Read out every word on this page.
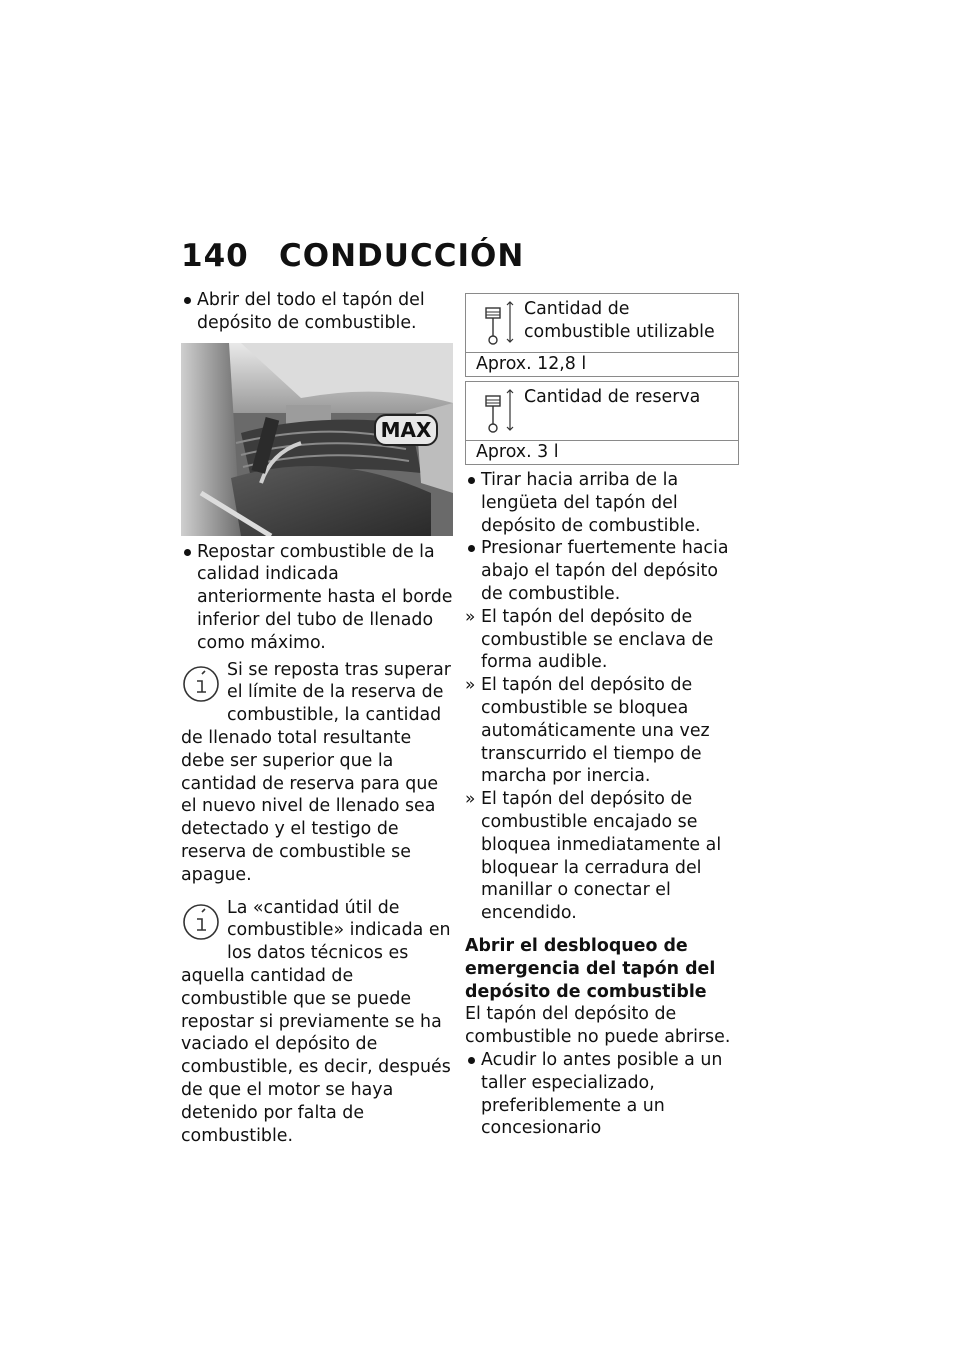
140 CONDUCCIÓN

Abrir del todo el tapón del depósito de combustible.

MAX

Repostar combustible de la calidad indicada anteriormente hasta el borde inferior del tubo de llenado como máximo.

Si se reposta tras superar el límite de la reserva de combustible, la cantidad de llenado total resultante debe ser superior que la cantidad de reserva para que el nuevo nivel de llenado sea detectado y el testigo de reserva de combustible se apague.

La «cantidad útil de combustible» indicada en los datos técnicos es aquella cantidad de combustible que se puede repostar si previamente se ha vaciado el depósito de combustible, es decir, después de que el motor se haya detenido por falta de combustible.

Cantidad de combustible utilizable
Aprox. 12,8 l
Cantidad de reserva
Aprox. 3 l

Tirar hacia arriba de la lengüeta del tapón del depósito de combustible.

Presionar fuertemente hacia abajo el tapón del depósito de combustible.

» El tapón del depósito de combustible se enclava de forma audible.

» El tapón del depósito de combustible se bloquea automáticamente una vez transcurrido el tiempo de marcha por inercia.

» El tapón del depósito de combustible encajado se bloquea inmediatamente al bloquear la cerradura del manillar o conectar el encendido.

Abrir el desbloqueo de emergencia del tapón del depósito de combustible

El tapón del depósito de combustible no puede abrirse.

Acudir lo antes posible a un taller especializado, preferiblemente a un concesionario
